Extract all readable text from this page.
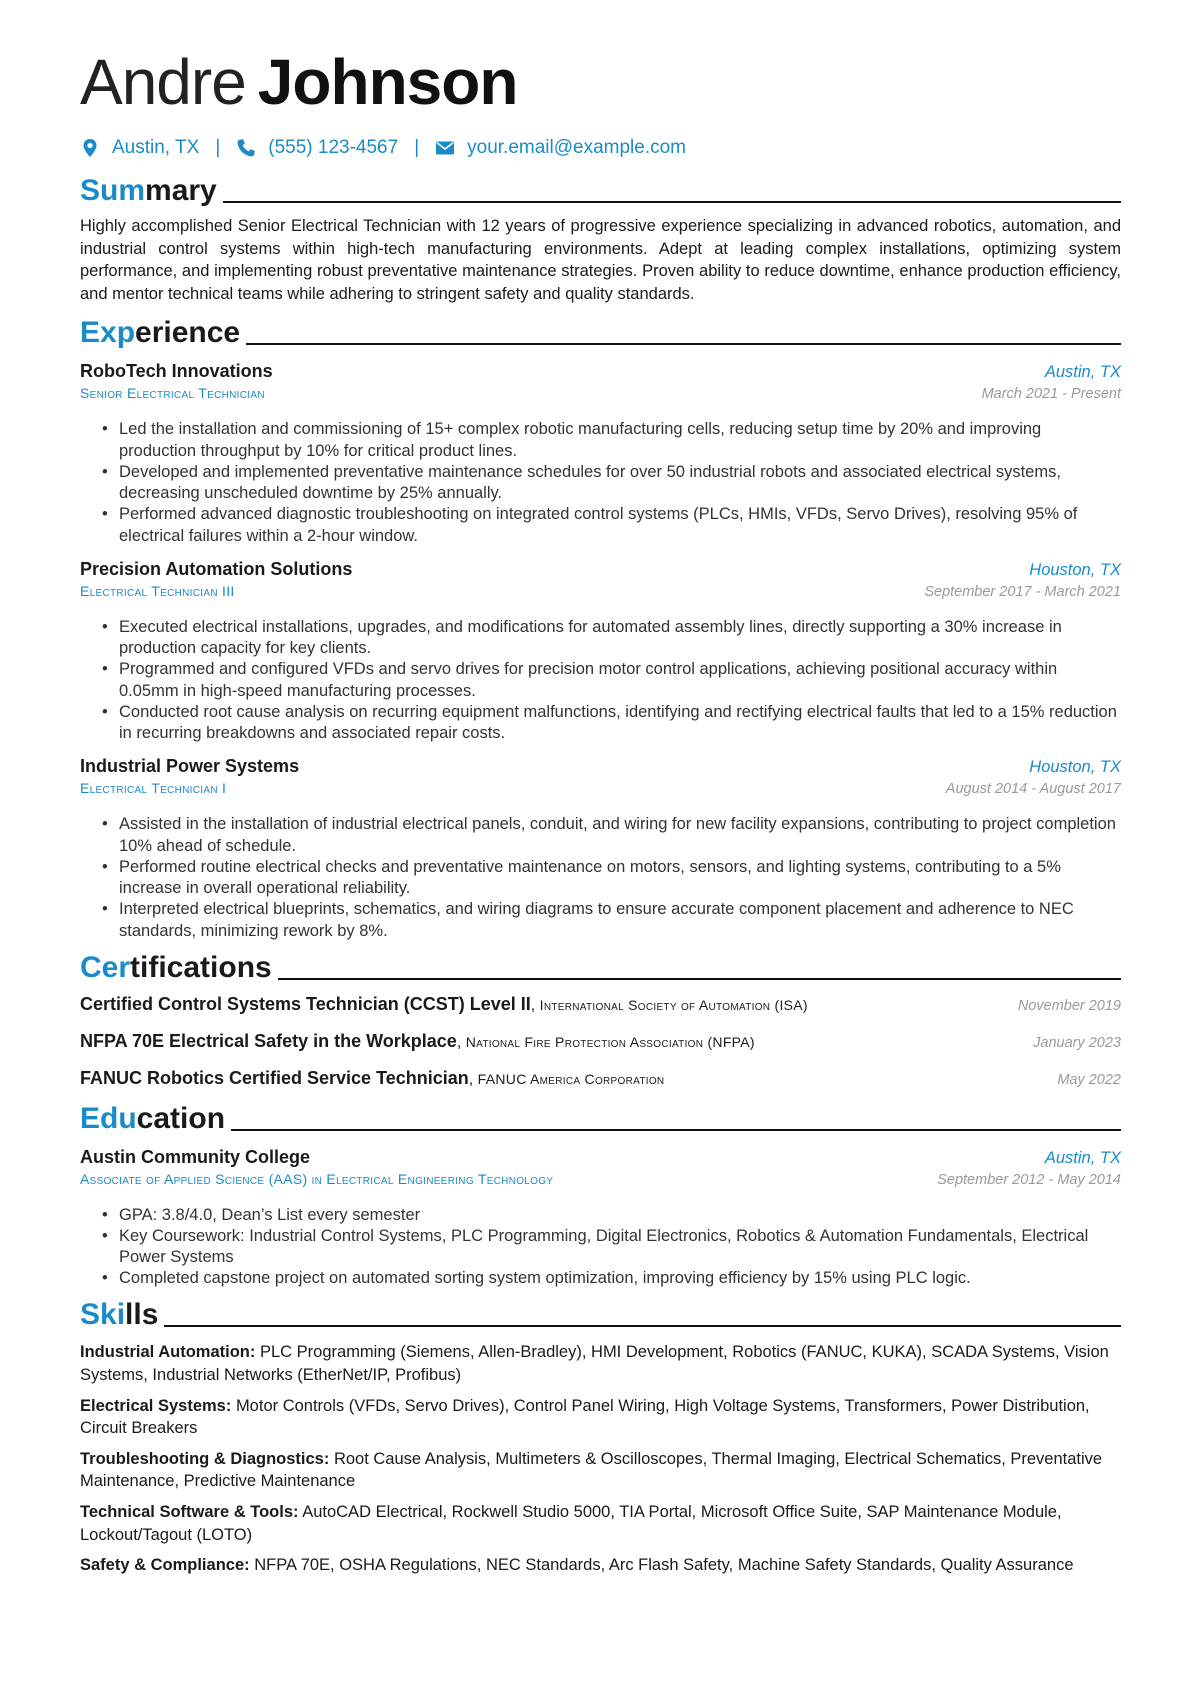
Andre Johnson
Austin, TX |	(555) 123-4567 |	your.email@example.com
Summary

Highly accomplished Senior Electrical Technician with 12 years of progressive experience specializing in advanced robotics, automation, and industrial control systems within high-tech manufacturing environments. Adept at leading complex installations, optimizing system performance, and implementing robust preventative maintenance strategies. Proven ability to reduce downtime, enhance production efficiency, and mentor technical teams while adhering to stringent safety and quality standards.

Experience
RoboTech Innovations	Austin, TX
Senior Electrical Technician	March 2021 - Present
• Led the installation and commissioning of 15+ complex robotic manufacturing cells, reducing setup time by 20% and improving production throughput by 10% for critical product lines.
• Developed and implemented preventative maintenance schedules for over 50 industrial robots and associated electrical systems, decreasing unscheduled downtime by 25% annually.
• Performed advanced diagnostic troubleshooting on integrated control systems (PLCs, HMIs, VFDs, Servo Drives), resolving 95% of electrical failures within a 2-hour window.
Precision Automation Solutions	Houston, TX
Electrical Technician III	September 2017 - March 2021
• Executed electrical installations, upgrades, and modifications for automated assembly lines, directly supporting a 30% increase in production capacity for key clients.
• Programmed and configured VFDs and servo drives for precision motor control applications, achieving positional accuracy within 0.05mm in high-speed manufacturing processes.
• Conducted root cause analysis on recurring equipment malfunctions, identifying and rectifying electrical faults that led to a 15% reduction in recurring breakdowns and associated repair costs.
Industrial Power Systems	Houston, TX
Electrical Technician I	August 2014 - August 2017
• Assisted in the installation of industrial electrical panels, conduit, and wiring for new facility expansions, contributing to project completion 10% ahead of schedule.
• Performed routine electrical checks and preventative maintenance on motors, sensors, and lighting systems, contributing to a 5% increase in overall operational reliability.
• Interpreted electrical blueprints, schematics, and wiring diagrams to ensure accurate component placement and adherence to NEC standards, minimizing rework by 8%.
Certifications
Certified Control Systems Technician (CCST) Level II, International Society of Automation (ISA)	November 2019
NFPA 70E Electrical Safety in the Workplace, National Fire Protection Association (NFPA)	January 2023
FANUC Robotics Certified Service Technician, FANUC America Corporation	May 2022
Education
Austin Community College	Austin, TX
Associate of Applied Science (AAS) in Electrical Engineering Technology	September 2012 - May 2014
• GPA: 3.8/4.0, Dean’s List every semester
• Key Coursework: Industrial Control Systems, PLC Programming, Digital Electronics, Robotics & Automation Fundamentals, Electrical Power Systems
• Completed capstone project on automated sorting system optimization, improving efficiency by 15% using PLC logic.
Skills

Industrial Automation: PLC Programming (Siemens, Allen-Bradley), HMI Development, Robotics (FANUC, KUKA), SCADA Systems, Vision Systems, Industrial Networks (EtherNet/IP, Profibus)

Electrical Systems: Motor Controls (VFDs, Servo Drives), Control Panel Wiring, High Voltage Systems, Transformers, Power Distribution, Circuit Breakers

Troubleshooting & Diagnostics: Root Cause Analysis, Multimeters & Oscilloscopes, Thermal Imaging, Electrical Schematics, Preventative Maintenance, Predictive Maintenance

Technical Software & Tools: AutoCAD Electrical, Rockwell Studio 5000, TIA Portal, Microsoft Office Suite, SAP Maintenance Module, Lockout/Tagout (LOTO)

Safety & Compliance: NFPA 70E, OSHA Regulations, NEC Standards, Arc Flash Safety, Machine Safety Standards, Quality Assurance
